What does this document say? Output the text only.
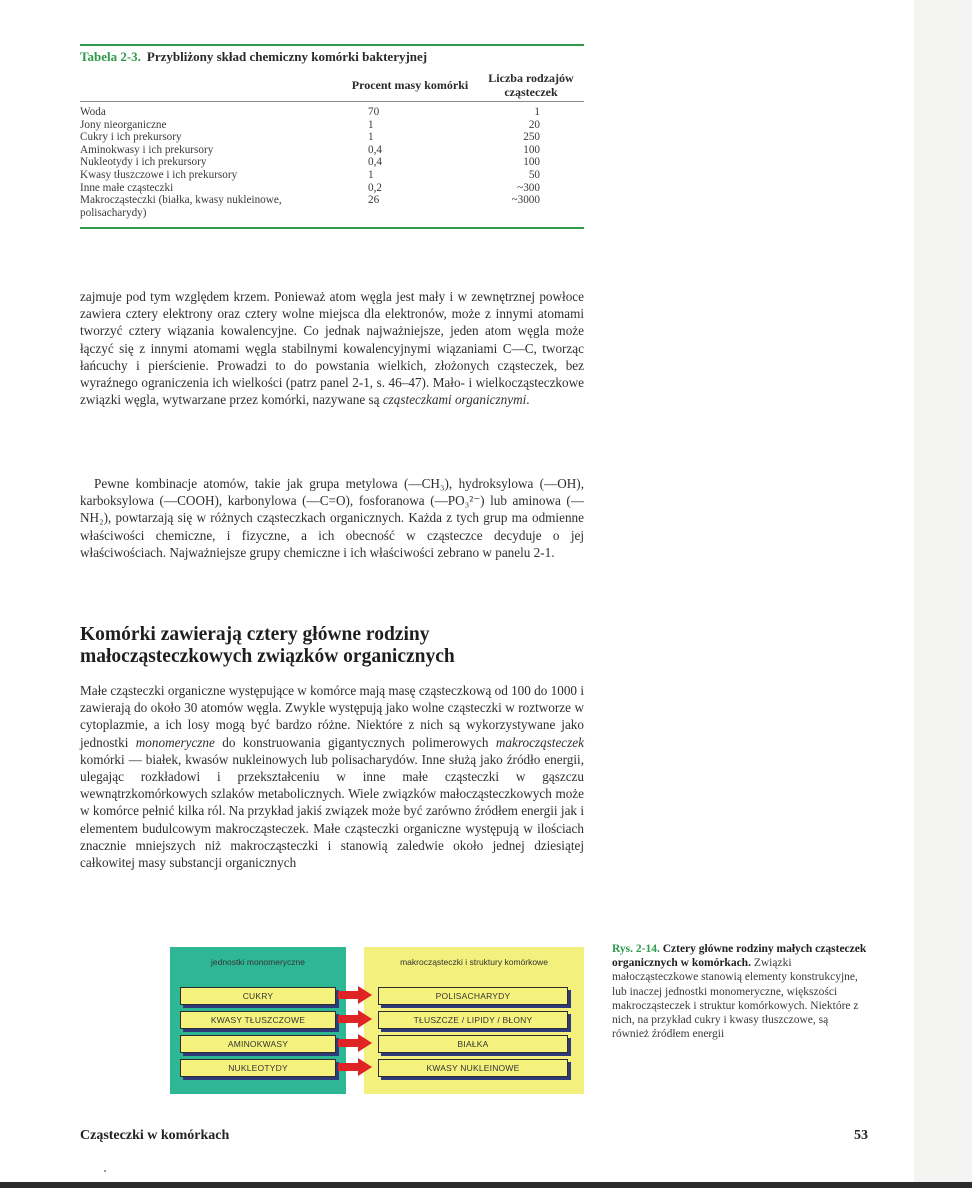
Tabela 2-3. Przybliżony skład chemiczny komórki bakteryjnej
	Procent masy komórki	Liczba rodzajów cząsteczek
Woda	70	1
Jony nieorganiczne	1	20
Cukry i ich prekursory	1	250
Aminokwasy i ich prekursory	0,4	100
Nukleotydy i ich prekursory	0,4	100
Kwasy tłuszczowe i ich prekursory	1	50
Inne małe cząsteczki	0,2	~300
Makrocząsteczki (białka, kwasy nukleinowe, polisacharydy)	26	~3000

zajmuje pod tym względem krzem. Ponieważ atom węgla jest mały i w zewnętrznej powłoce zawiera cztery elektrony oraz cztery wolne miejsca dla elektronów, może z innymi atomami tworzyć cztery wiązania kowalencyjne. Co jednak najważniejsze, jeden atom węgla może łączyć się z innymi atomami węgla stabilnymi kowalencyjnymi wiązaniami C—C, tworząc łańcuchy i pierścienie. Prowadzi to do powstania wielkich, złożonych cząsteczek, bez wyraźnego ograniczenia ich wielkości (patrz panel 2-1, s. 46–47). Mało- i wielkocząsteczkowe związki węgla, wytwarzane przez komórki, nazywane są cząsteczkami organicznymi.

Pewne kombinacje atomów, takie jak grupa metylowa (—CH₃), hydroksylowa (—OH), karboksylowa (—COOH), karbonylowa (—C=O), fosforanowa (—PO₃²⁻) lub aminowa (—NH₂), powtarzają się w różnych cząsteczkach organicznych. Każda z tych grup ma odmienne właściwości chemiczne, i fizyczne, a ich obecność w cząsteczce decyduje o jej właściwościach. Najważniejsze grupy chemiczne i ich właściwości zebrano w panelu 2-1.

Komórki zawierają cztery główne rodziny małocząsteczkowych związków organicznych

Małe cząsteczki organiczne występujące w komórce mają masę cząsteczkową od 100 do 1000 i zawierają do około 30 atomów węgla. Zwykle występują jako wolne cząsteczki w roztworze w cytoplazmie, a ich losy mogą być bardzo różne. Niektóre z nich są wykorzystywane jako jednostki monomeryczne do konstruowania gigantycznych polimerowych makrocząsteczek komórki — białek, kwasów nukleinowych lub polisacharydów. Inne służą jako źródło energii, ulegając rozkładowi i przekształceniu w inne małe cząsteczki w gąszczu wewnątrzkomórkowych szlaków metabolicznych. Wiele związków małocząsteczkowych może w komórce pełnić kilka ról. Na przykład jakiś związek może być zarówno źródłem energii jak i elementem budulcowym makrocząsteczek. Małe cząsteczki organiczne występują w ilościach znacznie mniejszych niż makrocząsteczki i stanowią zaledwie około jednej dziesiątej całkowitej masy substancji organicznych

jednostki monomeryczne	makrocząsteczki i struktury komórkowe
CUKRY	POLISACHARYDY
KWASY TŁUSZCZOWE	TŁUSZCZE / LIPIDY / BŁONY
AMINOKWASY	BIAŁKA
NUKLEOTYDY	KWASY NUKLEINOWE

Rys. 2-14. Cztery główne rodziny małych cząsteczek organicznych w komórkach. Związki małocząsteczkowe stanowią elementy konstrukcyjne, lub inaczej jednostki monomeryczne, większości makrocząsteczek i struktur komórkowych. Niektóre z nich, na przykład cukry i kwasy tłuszczowe, są również źródłem energii

Cząsteczki w komórkach	53
